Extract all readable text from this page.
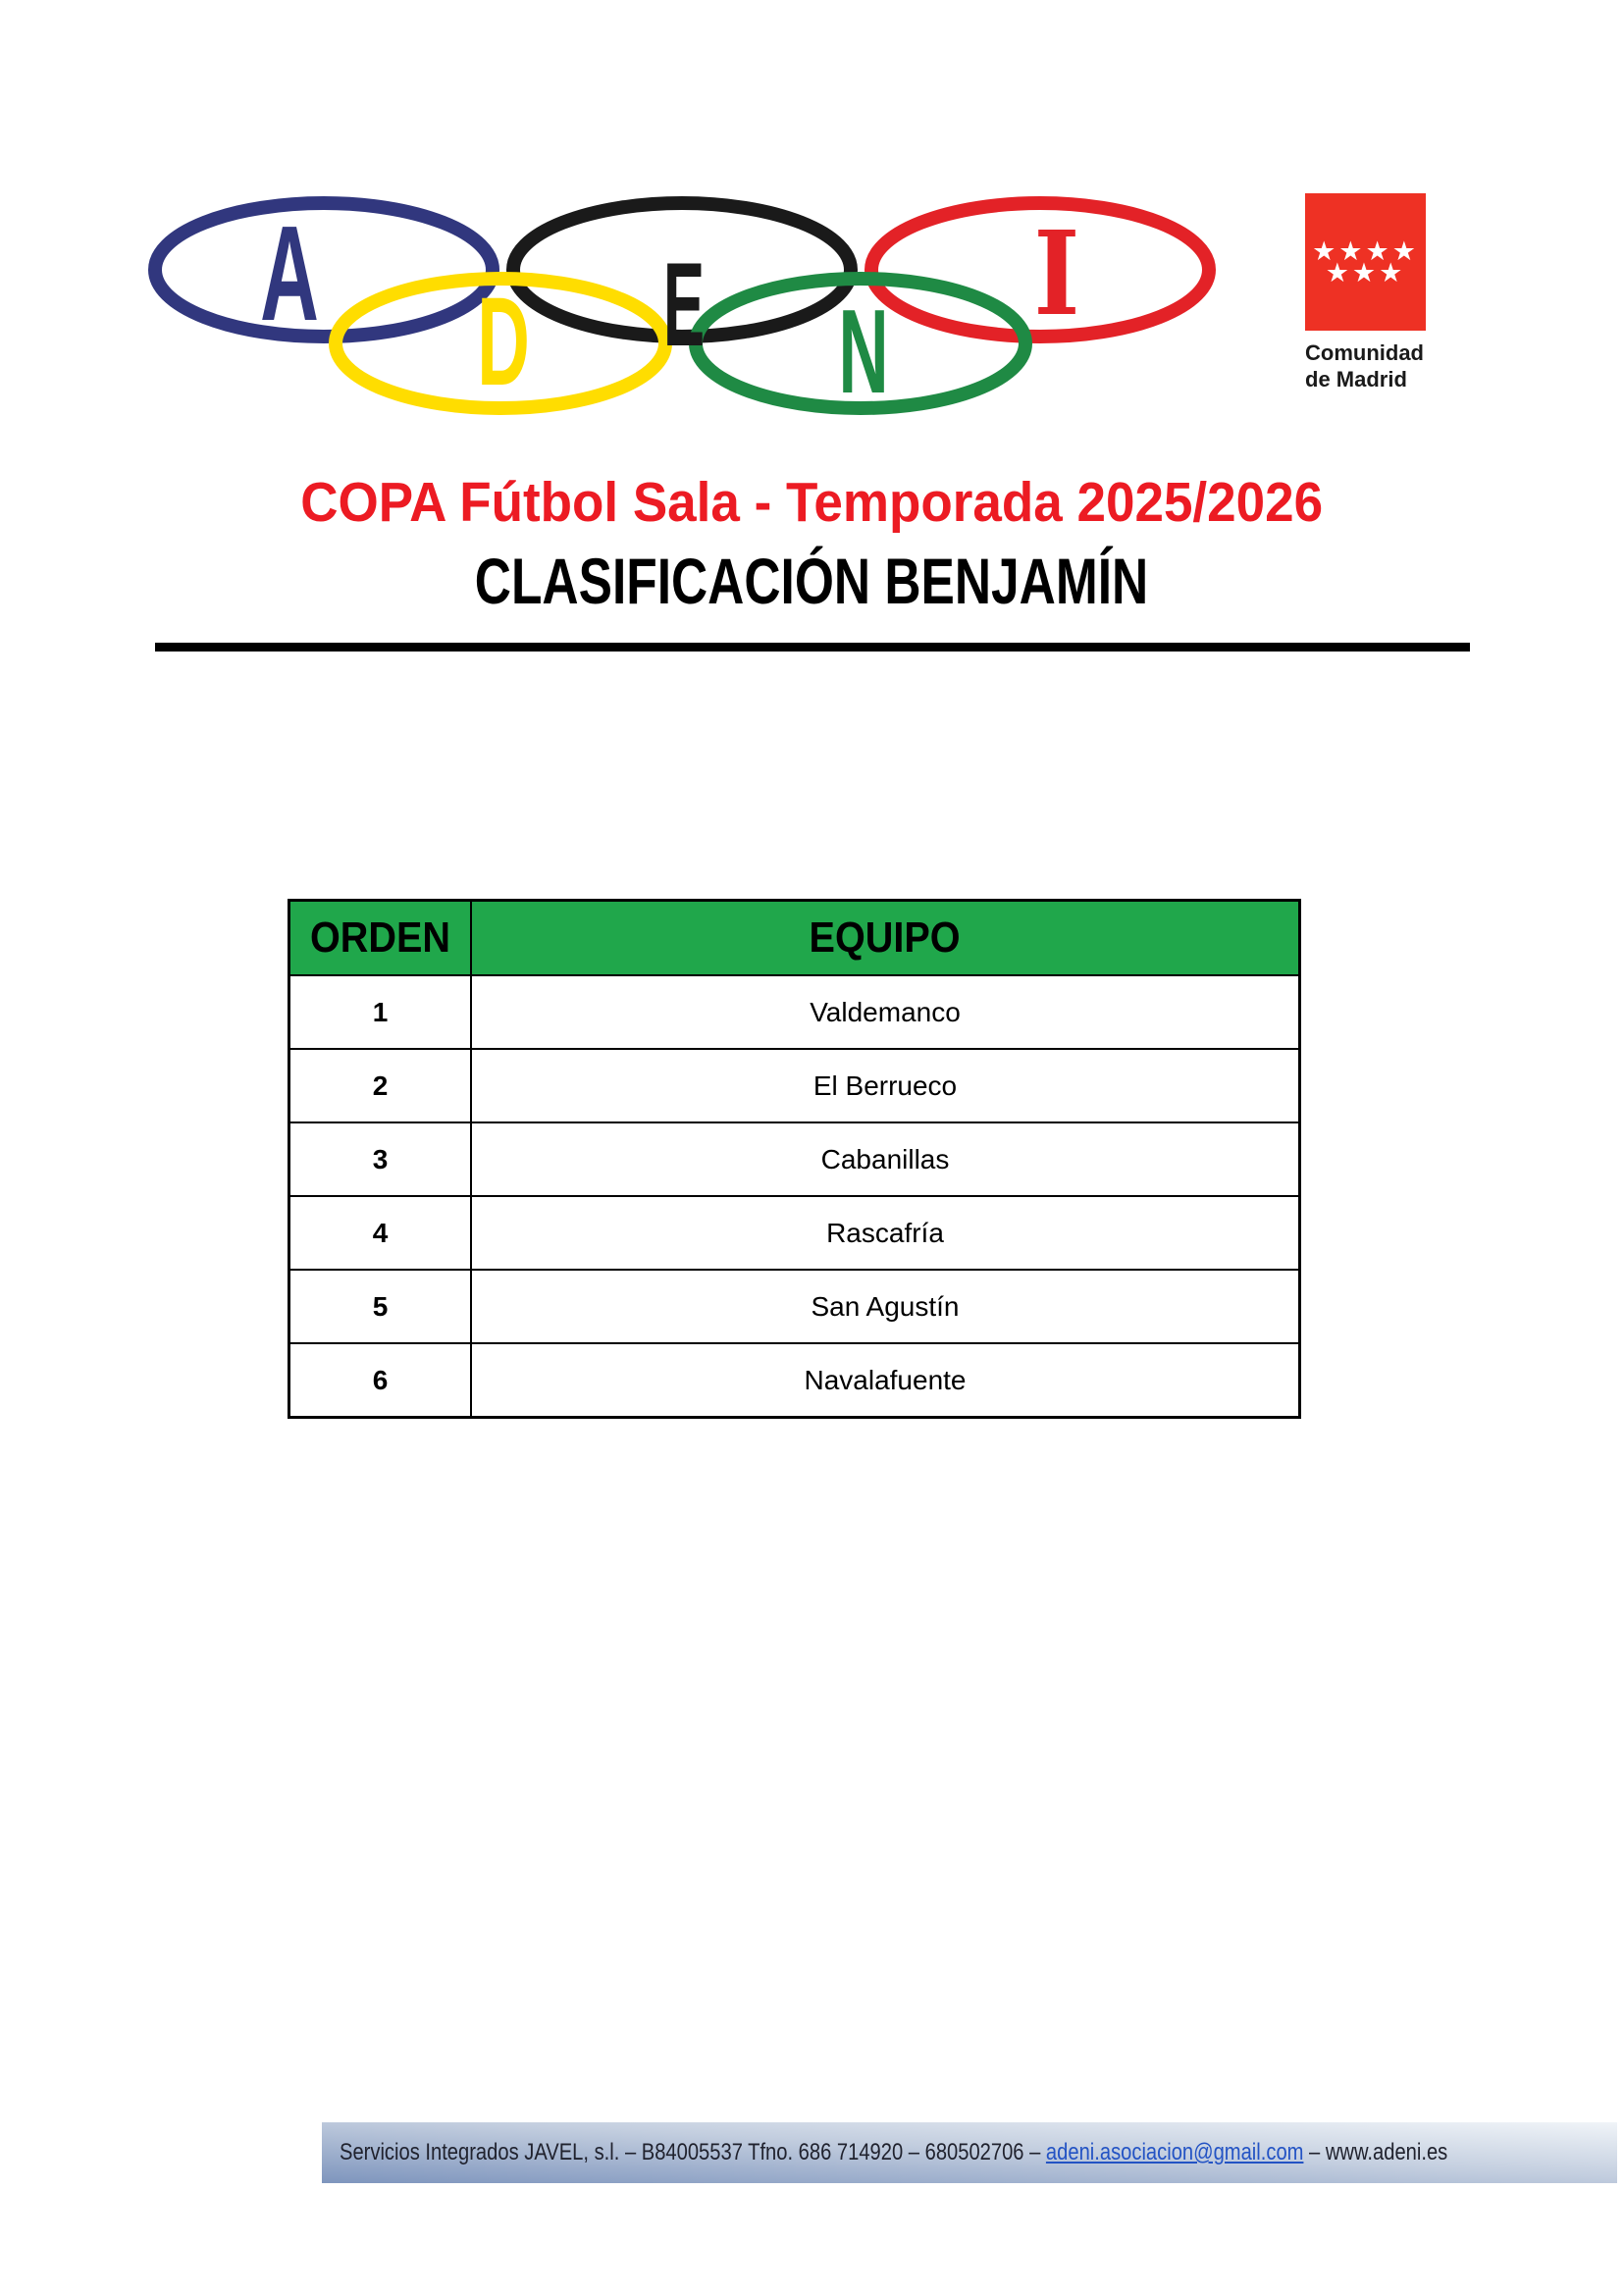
A D E N
I	★★★★
★★★
Comunidad
de Madrid
COPA Fútbol Sala - Temporada 2025/2026
CLASIFICACIÓN BENJAMÍN
ORDEN	EQUIPO
1	Valdemanco
2	El Berrueco
3	Cabanillas
4	Rascafría
5	San Agustín
6	Navalafuente
Servicios Integrados JAVEL, s.l. – B84005537 Tfno. 686 714920 – 680502706 – adeni.asociacion@gmail.com – www.adeni.es
